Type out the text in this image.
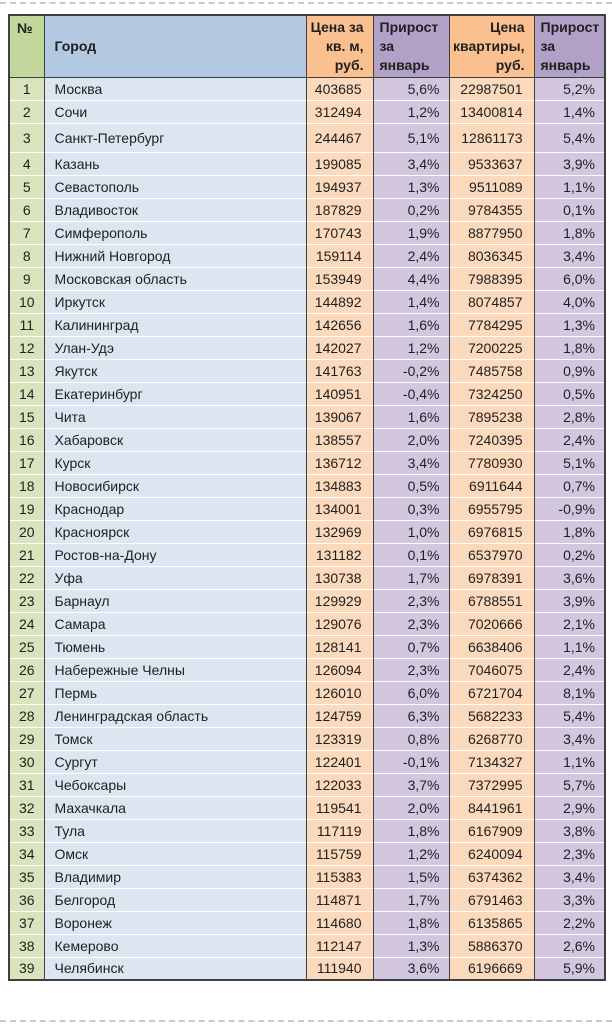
№	Город	Цена за кв. м, руб.	Прирост за январь	Цена квартиры, руб.	Прирост за январь
1	Москва	403685	5,6%	22987501	5,2%
2	Сочи	312494	1,2%	13400814	1,4%
3	Санкт-Петербург	244467	5,1%	12861173	5,4%
4	Казань	199085	3,4%	9533637	3,9%
5	Севастополь	194937	1,3%	9511089	1,1%
6	Владивосток	187829	0,2%	9784355	0,1%
7	Симферополь	170743	1,9%	8877950	1,8%
8	Нижний Новгород	159114	2,4%	8036345	3,4%
9	Московская область	153949	4,4%	7988395	6,0%
10	Иркутск	144892	1,4%	8074857	4,0%
11	Калининград	142656	1,6%	7784295	1,3%
12	Улан-Удэ	142027	1,2%	7200225	1,8%
13	Якутск	141763	-0,2%	7485758	0,9%
14	Екатеринбург	140951	-0,4%	7324250	0,5%
15	Чита	139067	1,6%	7895238	2,8%
16	Хабаровск	138557	2,0%	7240395	2,4%
17	Курск	136712	3,4%	7780930	5,1%
18	Новосибирск	134883	0,5%	6911644	0,7%
19	Краснодар	134001	0,3%	6955795	-0,9%
20	Красноярск	132969	1,0%	6976815	1,8%
21	Ростов-на-Дону	131182	0,1%	6537970	0,2%
22	Уфа	130738	1,7%	6978391	3,6%
23	Барнаул	129929	2,3%	6788551	3,9%
24	Самара	129076	2,3%	7020666	2,1%
25	Тюмень	128141	0,7%	6638406	1,1%
26	Набережные Челны	126094	2,3%	7046075	2,4%
27	Пермь	126010	6,0%	6721704	8,1%
28	Ленинградская область	124759	6,3%	5682233	5,4%
29	Томск	123319	0,8%	6268770	3,4%
30	Сургут	122401	-0,1%	7134327	1,1%
31	Чебоксары	122033	3,7%	7372995	5,7%
32	Махачкала	119541	2,0%	8441961	2,9%
33	Тула	117119	1,8%	6167909	3,8%
34	Омск	115759	1,2%	6240094	2,3%
35	Владимир	115383	1,5%	6374362	3,4%
36	Белгород	114871	1,7%	6791463	3,3%
37	Воронеж	114680	1,8%	6135865	2,2%
38	Кемерово	112147	1,3%	5886370	2,6%
39	Челябинск	111940	3,6%	6196669	5,9%
